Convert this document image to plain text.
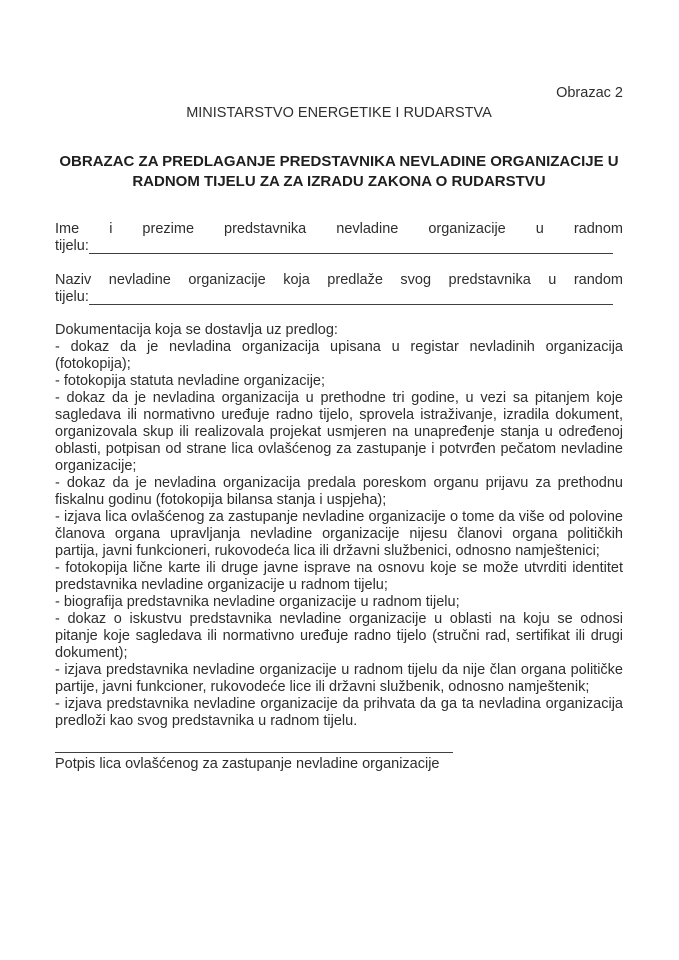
Obrazac 2
MINISTARSTVO ENERGETIKE I RUDARSTVA
OBRAZAC ZA PREDLAGANJE PREDSTAVNIKA NEVLADINE ORGANIZACIJE U
RADNOM TIJELU ZA ZA IZRADU ZAKONA O RUDARSTVU
Ime i prezime predstavnika nevladine organizacije u radnom
tijelu:
Naziv nevladine organizacije koja predlaže svog predstavnika u random
tijelu:
Dokumentacija koja se dostavlja uz predlog:
- dokaz da je nevladina organizacija upisana u registar nevladinih organizacija (fotokopija);
- fotokopija statuta nevladine organizacije;
- dokaz da je nevladina organizacija u prethodne tri godine, u vezi sa pitanjem koje sagledava ili normativno uređuje radno tijelo, sprovela istraživanje, izradila dokument, organizovala skup ili realizovala projekat usmjeren na unapređenje stanja u određenoj oblasti, potpisan od strane lica ovlašćenog za zastupanje i potvrđen pečatom nevladine organizacije;
- dokaz da je nevladina organizacija predala poreskom organu prijavu za prethodnu fiskalnu godinu (fotokopija bilansa stanja i uspjeha);
- izjava lica ovlašćenog za zastupanje nevladine organizacije o tome da više od polovine članova organa upravljanja nevladine organizacije nijesu članovi organa političkih partija, javni funkcioneri, rukovodeća lica ili državni službenici, odnosno namještenici;
- fotokopija lične karte ili druge javne isprave na osnovu koje se može utvrditi identitet predstavnika nevladine organizacije u radnom tijelu;
- biografija predstavnika nevladine organizacije u radnom tijelu;
- dokaz o iskustvu predstavnika nevladine organizacije u oblasti na koju se odnosi pitanje koje sagledava ili normativno uređuje radno tijelo (stručni rad, sertifikat ili drugi dokument);
- izjava predstavnika nevladine organizacije u radnom tijelu da nije član organa političke partije, javni funkcioner, rukovodeće lice ili državni službenik, odnosno namještenik;
- izjava predstavnika nevladine organizacije da prihvata da ga ta nevladina organizacija predloži kao svog predstavnika u radnom tijelu.
Potpis lica ovlašćenog za zastupanje nevladine organizacije
